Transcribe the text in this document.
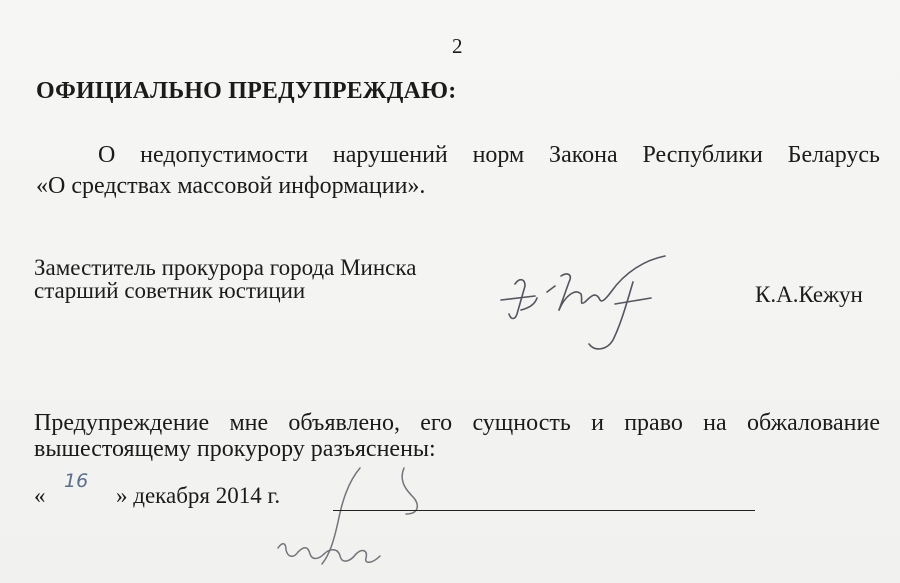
2
ОФИЦИАЛЬНО ПРЕДУПРЕЖДАЮ:
О недопустимости нарушений норм Закона Республики Беларусь
«О средствах массовой информации».
Заместитель прокурора города Минска
старший советник юстиции	К.А.Кежун
Предупреждение мне объявлено, его сущность и право на обжалование
вышестоящему прокурору разъяснены:
«
16
» декабря 2014 г.
